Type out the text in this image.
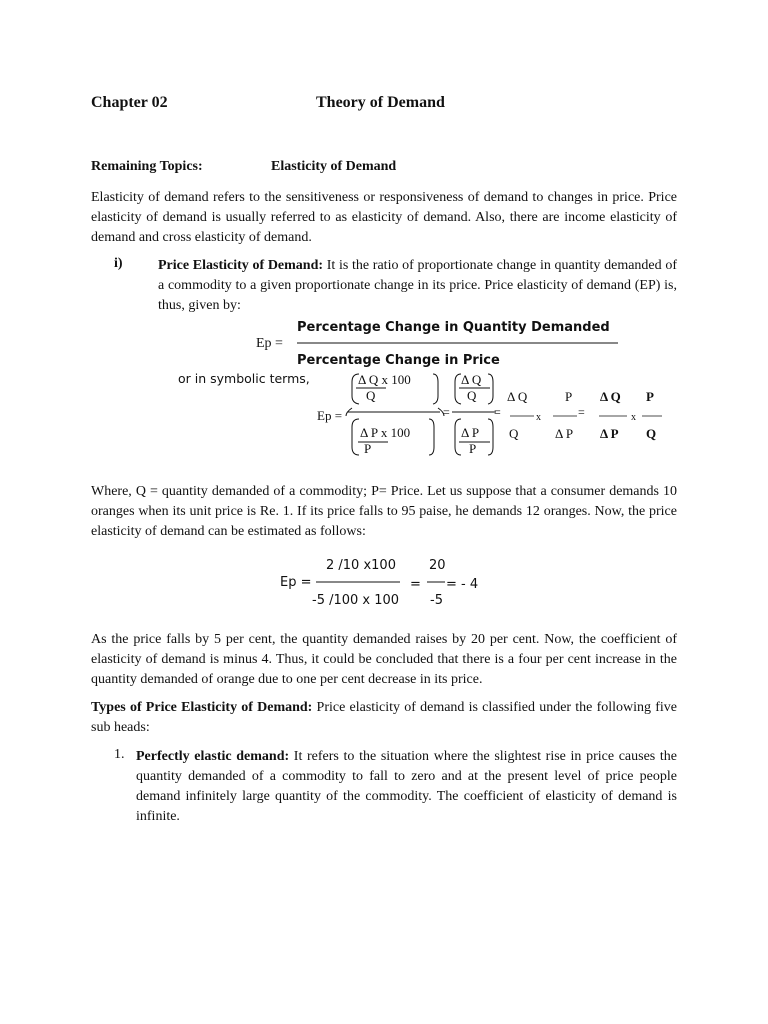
Chapter 02	Theory of Demand
Remaining Topics:	Elasticity of Demand
Elasticity of demand refers to the sensitiveness or responsiveness of demand to changes in price. Price elasticity of demand is usually referred to as elasticity of demand. Also, there are income elasticity of demand and cross elasticity of demand.
i)	Price Elasticity of Demand: It is the ratio of proportionate change in quantity demanded of a commodity to a given proportionate change in its price. Price elasticity of demand (EP) is, thus, given by:
Ep =
Percentage Change in Quantity Demanded
Percentage Change in Price
or in symbolic terms,
Ep =
Δ Q x 100
Q
Δ P x 100
P
=
Δ Q
Q
Δ P
P
=
Δ Q
Q
x
P
Δ P
=
Δ Q
Δ P
P
Q
x
Where, Q = quantity demanded of a commodity; P= Price. Let us suppose that a consumer demands 10 oranges when its unit price is Re. 1. If its price falls to 95 paise, he demands 12 oranges. Now, the price elasticity of demand can be estimated as follows:
Ep =
2 /10 x100
-5 /100 x 100
=
20
-5
= - 4
As the price falls by 5 per cent, the quantity demanded raises by 20 per cent. Now, the coefficient of elasticity of demand is minus 4. Thus, it could be concluded that there is a four per cent increase in the quantity demanded of orange due to one per cent decrease in its price.
Types of Price Elasticity of Demand: Price elasticity of demand is classified under the following five sub heads:
1. Perfectly elastic demand: It refers to the situation where the slightest rise in price causes the quantity demanded of a commodity to fall to zero and at the present level of price people demand infinitely large quantity of the commodity. The coefficient of elasticity of demand is infinite.
